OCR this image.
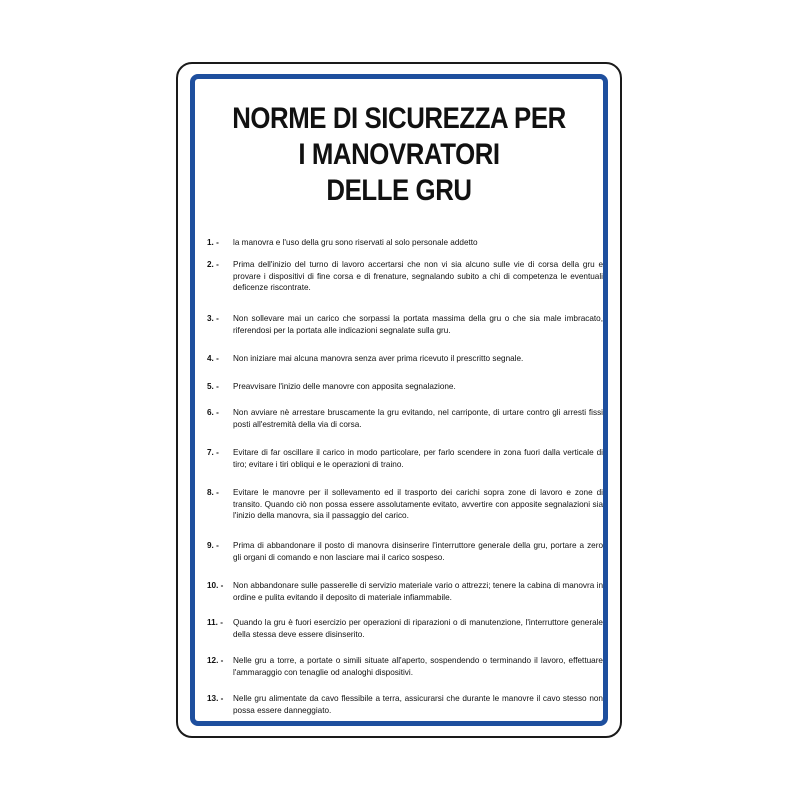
NORME DI SICUREZZA PER
I MANOVRATORI
DELLE GRU
1. -	la manovra e l'uso della gru sono riservati al solo personale addetto
2. -	Prima dell'inizio del turno di lavoro accertarsi che non vi sia alcuno sulle vie di corsa della gru e provare i dispositivi di fine corsa e di frenature, segnalando subito a chi di competenza le eventuali deficenze riscontrate.
3. -	Non sollevare mai un carico che sorpassi la portata massima della gru o che sia male imbracato, riferendosi per la portata alle indicazioni segnalate sulla gru.
4. -	Non iniziare mai alcuna manovra senza aver prima ricevuto il prescritto segnale.
5. -	Preavvisare l'inizio delle manovre con apposita segnalazione.
6. -	Non avviare nè arrestare bruscamente la gru evitando, nel carriponte, di urtare contro gli arresti fissi posti all'estremità della via di corsa.
7. -	Evitare di far oscillare il carico in modo particolare, per farlo scendere in zona fuori dalla verticale di tiro; evitare i tiri obliqui e le operazioni di traino.
8. -	Evitare le manovre per il sollevamento ed il trasporto dei carichi sopra zone di lavoro e zone di transito. Quando ciò non possa essere assolutamente evitato, avvertire con apposite segnalazioni sia l'inizio della manovra, sia il passaggio del carico.
9. -	Prima di abbandonare il posto di manovra disinserire l'interruttore generale della gru, portare a zero gli organi di comando e non lasciare mai il carico sospeso.
10. -	Non abbandonare sulle passerelle di servizio materiale vario o attrezzi; tenere la cabina di manovra in ordine e pulita evitando il deposito di materiale infiammabile.
11. -	Quando la gru è fuori esercizio per operazioni di riparazioni o di manutenzione, l'interruttore generale della stessa deve essere disinserito.
12. -	Nelle gru a torre, a portate o simili situate all'aperto, sospendendo o terminando il lavoro, effettuare l'ammaraggio con tenaglie od analoghi dispositivi.
13. -	Nelle gru alimentate da cavo flessibile a terra, assicurarsi che durante le manovre il cavo stesso non possa essere danneggiato.
